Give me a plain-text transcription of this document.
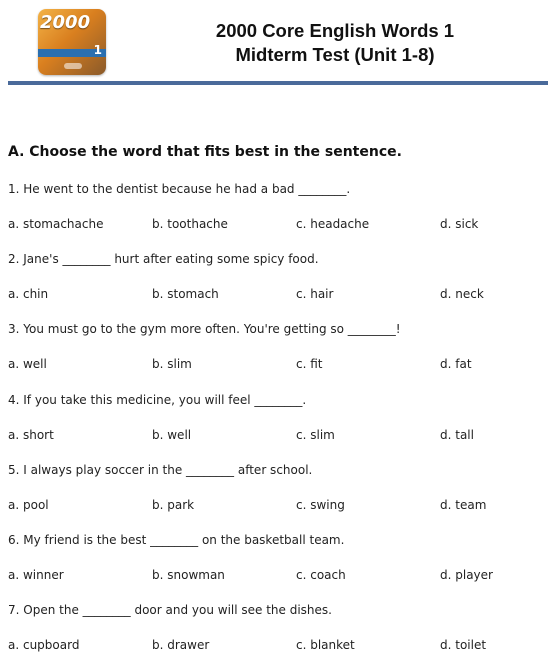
2000
1
2000 Core English Words 1
Midterm Test (Unit 1-8)
A. Choose the word that fits best in the sentence.
1. He went to the dentist because he had a bad ________.
a. stomachache	b. toothache	c. headache	d. sick
2. Jane's ________ hurt after eating some spicy food.
a. chin	b. stomach	c. hair	d. neck
3. You must go to the gym more often. You're getting so ________!
a. well	b. slim	c. fit	d. fat
4. If you take this medicine, you will feel ________.
a. short	b. well	c. slim	d. tall
5. I always play soccer in the ________ after school.
a. pool	b. park	c. swing	d. team
6. My friend is the best ________ on the basketball team.
a. winner	b. snowman	c. coach	d. player
7. Open the ________ door and you will see the dishes.
a. cupboard	b. drawer	c. blanket	d. toilet
